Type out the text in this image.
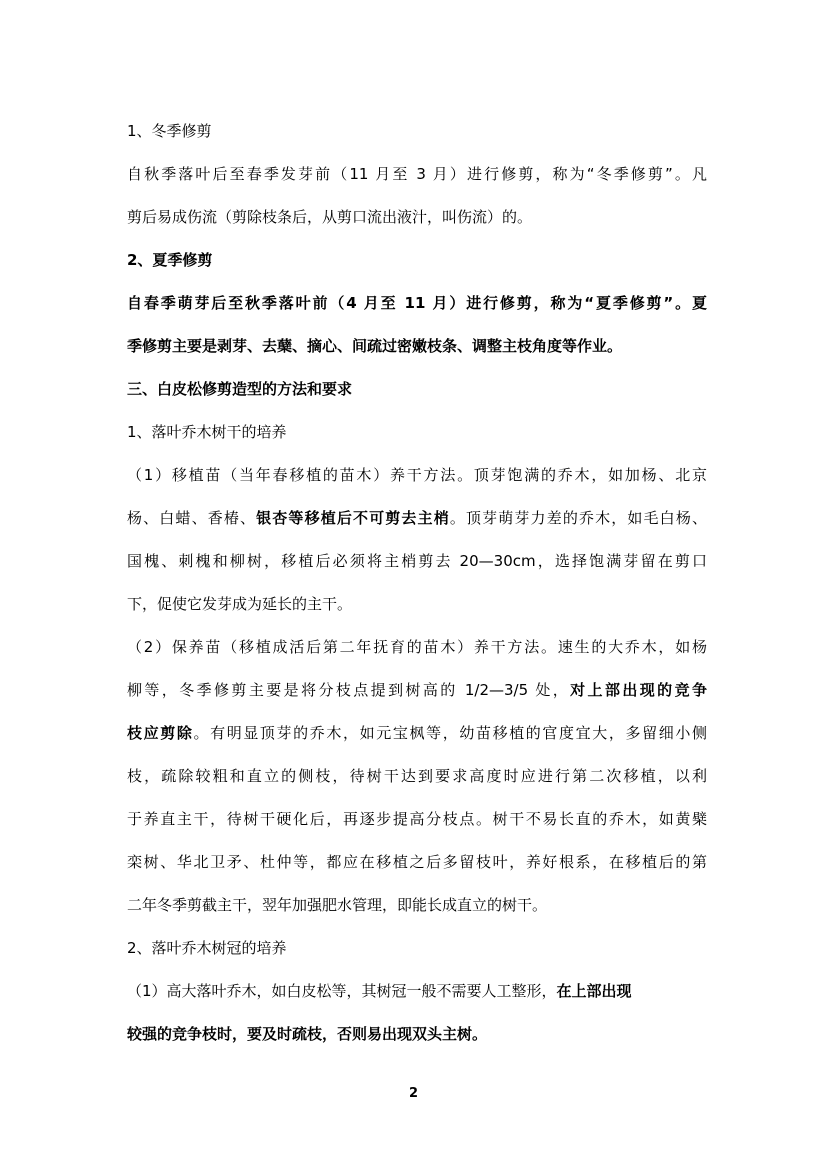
1、冬季修剪
自秋季落叶后至春季发芽前（11 月至 3 月）进行修剪，称为“冬季修剪”。凡
剪后易成伤流（剪除枝条后，从剪口流出液汁，叫伤流）的。
2、夏季修剪
自春季萌芽后至秋季落叶前（4 月至 11 月）进行修剪，称为“夏季修剪”。夏
季修剪主要是剥芽、去蘖、摘心、间疏过密嫩枝条、调整主枝角度等作业。
三、白皮松修剪造型的方法和要求
1、落叶乔木树干的培养
（1）移植苗（当年春移植的苗木）养干方法。顶芽饱满的乔木，如加杨、北京
杨、白蜡、香椿、银杏等移植后不可剪去主梢。顶芽萌芽力差的乔木，如毛白杨、
国槐、刺槐和柳树，移植后必须将主梢剪去 20—30cm，选择饱满芽留在剪口
下，促使它发芽成为延长的主干。
（2）保养苗（移植成活后第二年抚育的苗木）养干方法。速生的大乔木，如杨
柳等，冬季修剪主要是将分枝点提到树高的 1/2—3/5 处，对上部出现的竞争
枝应剪除。有明显顶芽的乔木，如元宝枫等，幼苗移植的官度宜大，多留细小侧
枝，疏除较粗和直立的侧枝，待树干达到要求高度时应进行第二次移植，以利
于养直主干，待树干硬化后，再逐步提高分枝点。树干不易长直的乔木，如黄檗
栾树、华北卫矛、杜仲等，都应在移植之后多留枝叶，养好根系，在移植后的第
二年冬季剪截主干，翌年加强肥水管理，即能长成直立的树干。
2、落叶乔木树冠的培养
（1）高大落叶乔木，如白皮松等，其树冠一般不需要人工整形，在上部出现
较强的竞争枝时，要及时疏枝，否则易出现双头主树。
2
